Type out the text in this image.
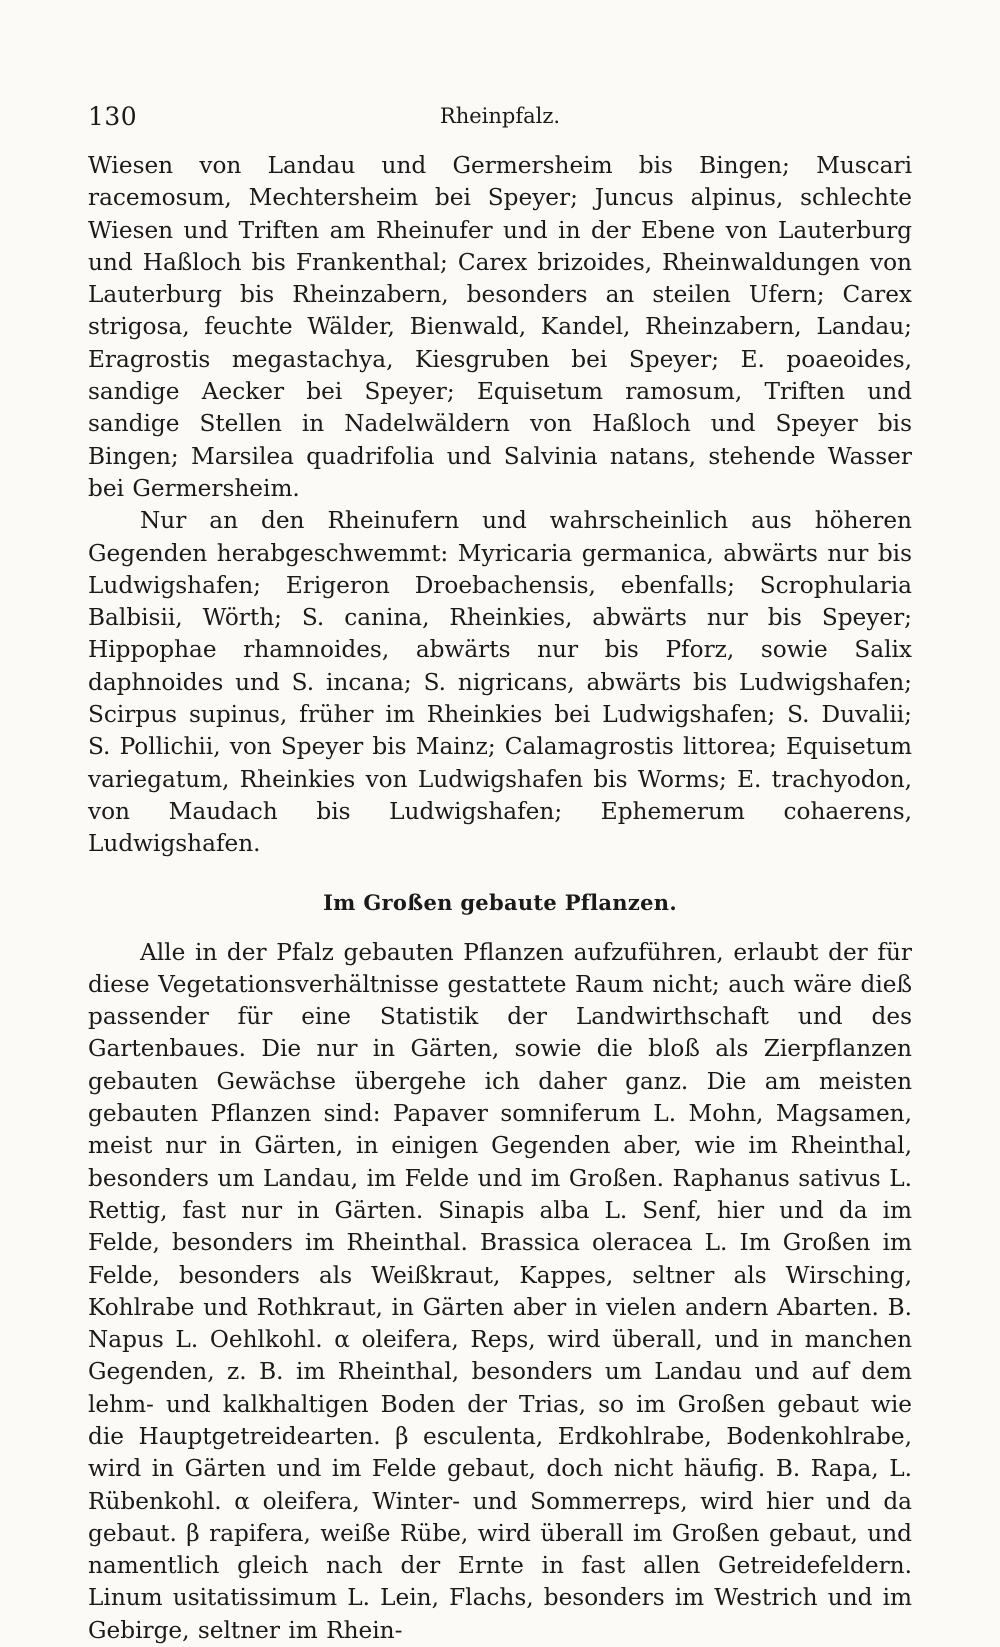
130	Rheinpfalz.

Wiesen von Landau und Germersheim bis Bingen; Muscari racemosum, Mechtersheim bei Speyer; Juncus alpinus, schlechte Wiesen und Triften am Rheinufer und in der Ebene von Lauterburg und Haßloch bis Frankenthal; Carex brizoides, Rheinwaldungen von Lauterburg bis Rheinzabern, besonders an steilen Ufern; Carex strigosa, feuchte Wälder, Bienwald, Kandel, Rheinzabern, Landau; Eragrostis megastachya, Kiesgruben bei Speyer; E. poaeoides, sandige Aecker bei Speyer; Equisetum ramosum, Triften und sandige Stellen in Nadelwäldern von Haßloch und Speyer bis Bingen; Marsilea quadrifolia und Salvinia natans, stehende Wasser bei Germersheim.

Nur an den Rheinufern und wahrscheinlich aus höheren Gegenden herabgeschwemmt: Myricaria germanica, abwärts nur bis Ludwigshafen; Erigeron Droebachensis, ebenfalls; Scrophularia Balbisii, Wörth; S. canina, Rheinkies, abwärts nur bis Speyer; Hippophae rhamnoides, abwärts nur bis Pforz, sowie Salix daphnoides und S. incana; S. nigricans, abwärts bis Ludwigshafen; Scirpus supinus, früher im Rheinkies bei Ludwigshafen; S. Duvalii; S. Pollichii, von Speyer bis Mainz; Calamagrostis littorea; Equisetum variegatum, Rheinkies von Ludwigshafen bis Worms; E. trachyodon, von Maudach bis Ludwigshafen; Ephemerum cohaerens, Ludwigshafen.

Im Großen gebaute Pflanzen.

Alle in der Pfalz gebauten Pflanzen aufzuführen, erlaubt der für diese Vegetationsverhältnisse gestattete Raum nicht; auch wäre dieß passender für eine Statistik der Landwirthschaft und des Gartenbaues. Die nur in Gärten, sowie die bloß als Zierpflanzen gebauten Gewächse übergehe ich daher ganz. Die am meisten gebauten Pflanzen sind: Papaver somniferum L. Mohn, Magsamen, meist nur in Gärten, in einigen Gegenden aber, wie im Rheinthal, besonders um Landau, im Felde und im Großen. Raphanus sativus L. Rettig, fast nur in Gärten. Sinapis alba L. Senf, hier und da im Felde, besonders im Rheinthal. Brassica oleracea L. Im Großen im Felde, besonders als Weißkraut, Kappes, seltner als Wirsching, Kohlrabe und Rothkraut, in Gärten aber in vielen andern Abarten. B. Napus L. Oehlkohl. α oleifera, Reps, wird überall, und in manchen Gegenden, z. B. im Rheinthal, besonders um Landau und auf dem lehm- und kalkhaltigen Boden der Trias, so im Großen gebaut wie die Hauptgetreidearten. β esculenta, Erdkohlrabe, Bodenkohlrabe, wird in Gärten und im Felde gebaut, doch nicht häufig. B. Rapa, L. Rübenkohl. α oleifera, Winter- und Sommerreps, wird hier und da gebaut. β rapifera, weiße Rübe, wird überall im Großen gebaut, und namentlich gleich nach der Ernte in fast allen Getreidefeldern. Linum usitatissimum L. Lein, Flachs, besonders im Westrich und im Gebirge, seltner im Rhein-
